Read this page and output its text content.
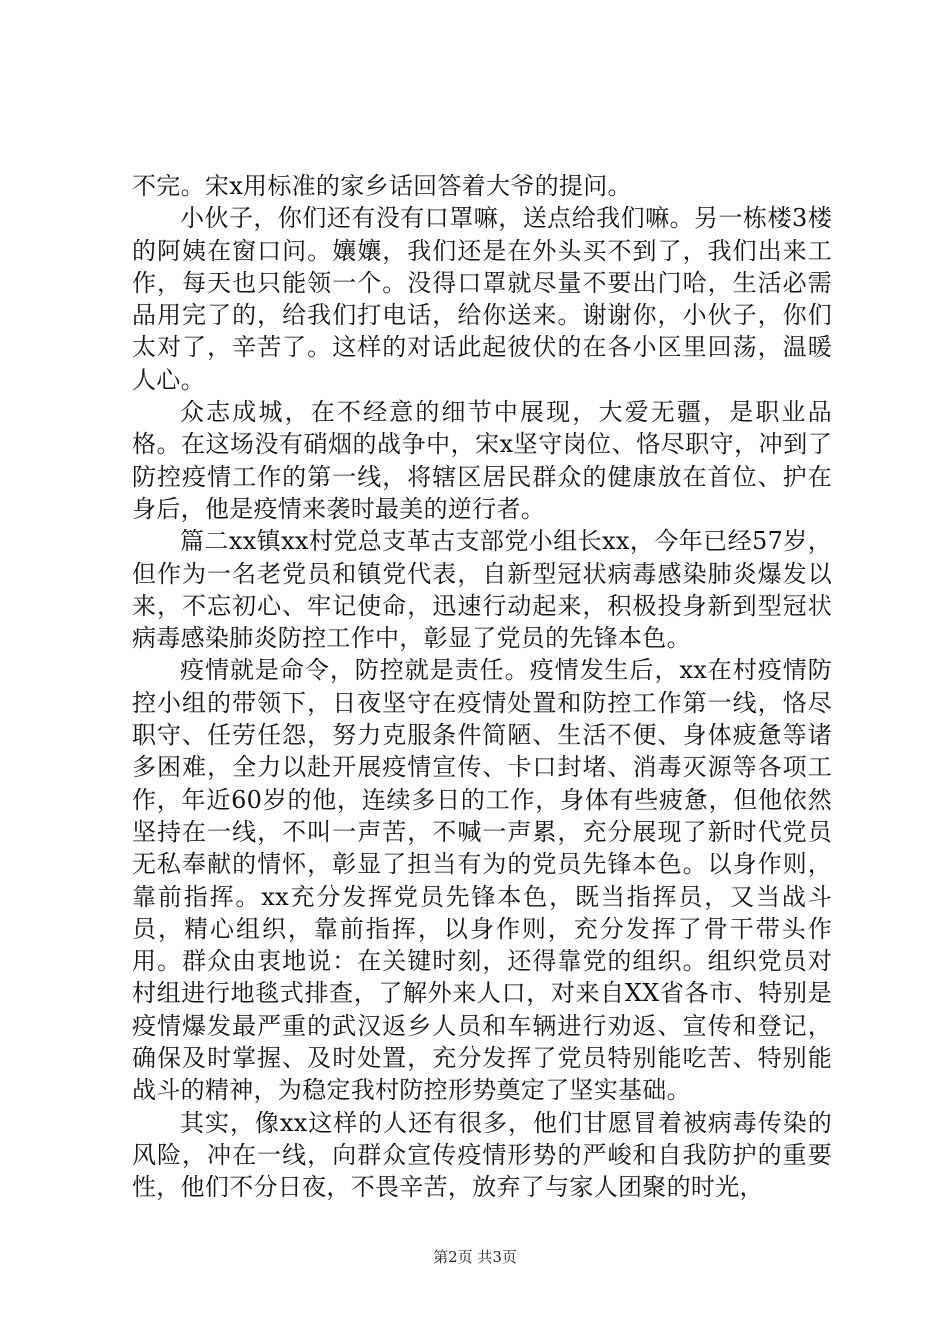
不完。宋x用标准的家乡话回答着大爷的提问。

小伙子，你们还有没有口罩嘛，送点给我们嘛。另一栋楼3楼的阿姨在窗口问。孃孃，我们还是在外头买不到了，我们出来工作，每天也只能领一个。没得口罩就尽量不要出门哈，生活必需品用完了的，给我们打电话，给你送来。谢谢你，小伙子，你们太对了，辛苦了。这样的对话此起彼伏的在各小区里回荡，温暖人心。

众志成城，在不经意的细节中展现，大爱无疆，是职业品格。在这场没有硝烟的战争中，宋x坚守岗位、恪尽职守，冲到了防控疫情工作的第一线，将辖区居民群众的健康放在首位、护在身后，他是疫情来袭时最美的逆行者。

篇二xx镇xx村党总支革古支部党小组长xx，今年已经57岁，但作为一名老党员和镇党代表，自新型冠状病毒感染肺炎爆发以来，不忘初心、牢记使命，迅速行动起来，积极投身新到型冠状病毒感染肺炎防控工作中，彰显了党员的先锋本色。

疫情就是命令，防控就是责任。疫情发生后，xx在村疫情防控小组的带领下，日夜坚守在疫情处置和防控工作第一线，恪尽职守、任劳任怨，努力克服条件简陋、生活不便、身体疲惫等诸多困难，全力以赴开展疫情宣传、卡口封堵、消毒灭源等各项工作，年近60岁的他，连续多日的工作，身体有些疲惫，但他依然坚持在一线，不叫一声苦，不喊一声累，充分展现了新时代党员无私奉献的情怀，彰显了担当有为的党员先锋本色。以身作则，靠前指挥。xx充分发挥党员先锋本色，既当指挥员，又当战斗员，精心组织，靠前指挥，以身作则，充分发挥了骨干带头作用。群众由衷地说：在关键时刻，还得靠党的组织。组织党员对村组进行地毯式排查，了解外来人口，对来自XX省各市、特别是疫情爆发最严重的武汉返乡人员和车辆进行劝返、宣传和登记，确保及时掌握、及时处置，充分发挥了党员特别能吃苦、特别能战斗的精神，为稳定我村防控形势奠定了坚实基础。

其实，像xx这样的人还有很多，他们甘愿冒着被病毒传染的风险，冲在一线，向群众宣传疫情形势的严峻和自我防护的重要性，他们不分日夜，不畏辛苦，放弃了与家人团聚的时光，

第2页 共3页
